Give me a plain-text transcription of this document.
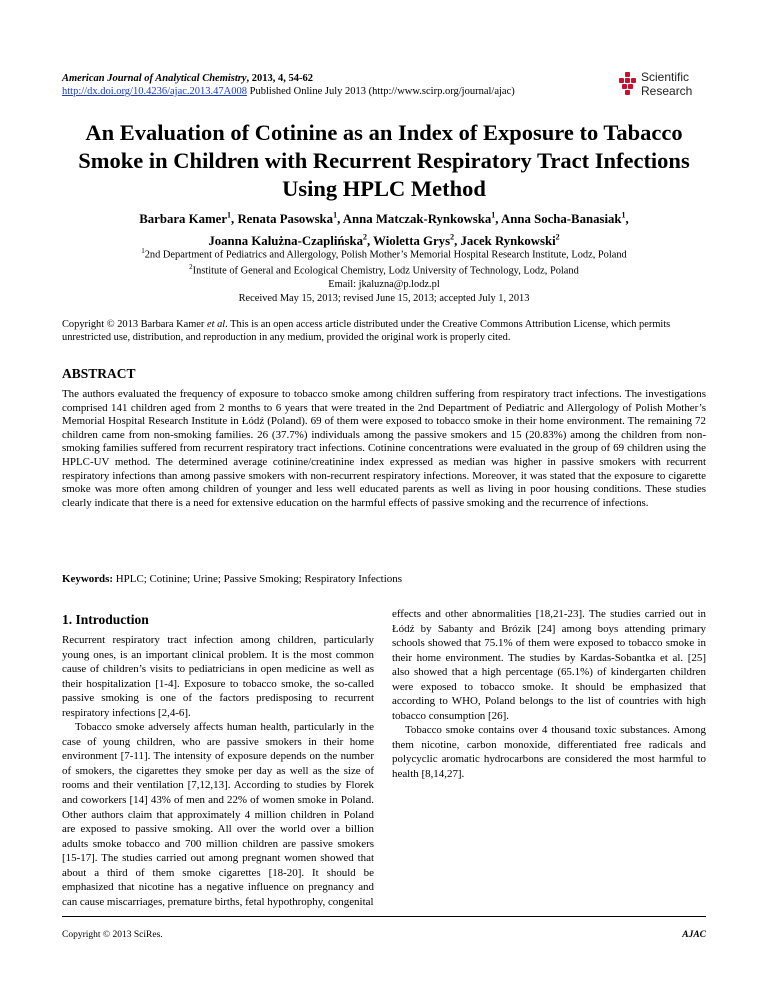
American Journal of Analytical Chemistry, 2013, 4, 54-62
http://dx.doi.org/10.4236/ajac.2013.47A008 Published Online July 2013 (http://www.scirp.org/journal/ajac)
Scientific
Research
An Evaluation of Cotinine as an Index of Exposure to Tabacco Smoke in Children with Recurrent Respiratory Tract Infections Using HPLC Method
Barbara Kamer$^1$, Renata Pasowska$^1$, Anna Matczak-Rynkowska$^1$, Anna Socha-Banasiak$^1$,
Joanna Kalużna-Czaplińska$^2$, Wioletta Grys$^2$, Jacek Rynkowski$^2$
$^1$2nd Department of Pediatrics and Allergology, Polish Mother’s Memorial Hospital Research Institute, Lodz, Poland
$^2$Institute of General and Ecological Chemistry, Lodz University of Technology, Lodz, Poland
Email: jkaluzna@p.lodz.pl
Received May 15, 2013; revised June 15, 2013; accepted July 1, 2013
Copyright © 2013 Barbara Kamer et al. This is an open access article distributed under the Creative Commons Attribution License, which permits unrestricted use, distribution, and reproduction in any medium, provided the original work is properly cited.
ABSTRACT
The authors evaluated the frequency of exposure to tobacco smoke among children suffering from respiratory tract infections. The investigations comprised 141 children aged from 2 months to 6 years that were treated in the 2nd Department of Pediatric and Allergology of Polish Mother’s Memorial Hospital Research Institute in Łódź (Poland). 69 of them were exposed to tobacco smoke in their home environment. The remaining 72 children came from non-smoking families. 26 (37.7%) individuals among the passive smokers and 15 (20.83%) among the children from non-smoking families suffered from recurrent respiratory tract infections. Cotinine concentrations were evaluated in the group of 69 children using the HPLC-UV method. The determined average cotinine/creatinine index expressed as median was higher in passive smokers with recurrent respiratory infections than among passive smokers with non-recurrent respiratory infections. Moreover, it was stated that the exposure to cigarette smoke was more often among children of younger and less well educated parents as well as living in poor housing conditions. These studies clearly indicate that there is a need for extensive education on the harmful effects of passive smoking and the recurrence of infections.
Keywords: HPLC; Cotinine; Urine; Passive Smoking; Respiratory Infections
1. Introduction

Recurrent respiratory tract infection among children, particularly young ones, is an important clinical problem. It is the most common cause of children’s visits to pediatricians in open medicine as well as their hospitalization [1-4]. Exposure to tobacco smoke, the so-called passive smoking is one of the factors predisposing to recurrent respiratory infections [2,4-6].

Tobacco smoke adversely affects human health, particularly in the case of young children, who are passive smokers in their home environment [7-11]. The intensity of exposure depends on the number of smokers, the cigarettes they smoke per day as well as the size of rooms and their ventilation [7,12,13]. According to studies by Florek and coworkers [14] 43% of men and 22% of women smoke in Poland. Other authors claim that approximately 4 million children in Poland are exposed to passive smoking. All over the world over a billion adults smoke tobacco and 700 million children are passive smokers [15-17]. The studies carried out among pregnant women showed that about a third of them smoke cigarettes [18-20]. It should be emphasized that nicotine has a negative influence on pregnancy and can cause miscarriages, premature births, fetal hypothrophy, congenital

effects and other abnormalities [18,21-23]. The studies carried out in Łódź by Sabanty and Brózik [24] among boys attending primary schools showed that 75.1% of them were exposed to tobacco smoke in their home environment. The studies by Kardas-Sobantka et al. [25] also showed that a high percentage (65.1%) of kindergarten children were exposed to tobacco smoke. It should be emphasized that according to WHO, Poland belongs to the list of countries with high tobacco consumption [26].

Tobacco smoke contains over 4 thousand toxic substances. Among them nicotine, carbon monoxide, differentiated free radicals and polycyclic aromatic hydrocarbons are considered the most harmful to health [8,14,27].

Copyright © 2013 SciRes.	AJAC
